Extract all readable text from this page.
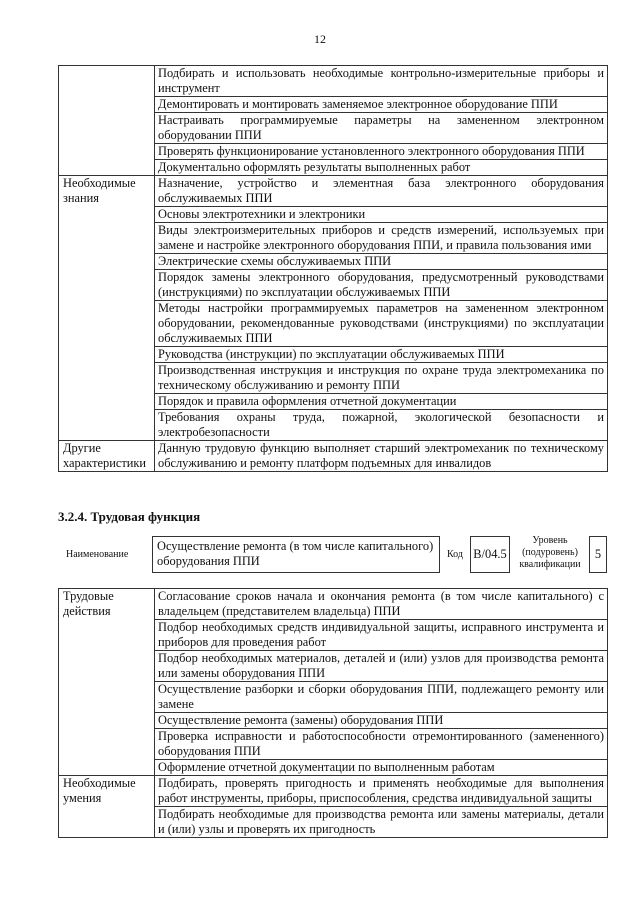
12
	Подбирать и использовать необходимые контрольно-измерительные приборы и инструмент
	Демонтировать и монтировать заменяемое электронное оборудование ППИ
	Настраивать программируемые параметры на замененном электронном оборудовании ППИ
	Проверять функционирование установленного электронного оборудования ППИ
	Документально оформлять результаты выполненных работ
Необходимые знания	Назначение, устройство и элементная база электронного оборудования обслуживаемых ППИ
	Основы электротехники и электроники
	Виды электроизмерительных приборов и средств измерений, используемых при замене и настройке электронного оборудования ППИ, и правила пользования ими
	Электрические схемы обслуживаемых ППИ
	Порядок замены электронного оборудования, предусмотренный руководствами (инструкциями) по эксплуатации обслуживаемых ППИ
	Методы настройки программируемых параметров на замененном электронном оборудовании, рекомендованные руководствами (инструкциями) по эксплуатации обслуживаемых ППИ
	Руководства (инструкции) по эксплуатации обслуживаемых ППИ
	Производственная инструкция и инструкция по охране труда электромеханика по техническому обслуживанию и ремонту ППИ
	Порядок и правила оформления отчетной документации
	Требования охраны труда, пожарной, экологической безопасности и электробезопасности
Другие характеристики	Данную трудовую функцию выполняет старший электромеханик по техническому обслуживанию и ремонту платформ подъемных для инвалидов
3.2.4. Трудовая функция
Наименование
Осуществление ремонта (в том числе капитального) оборудования ППИ	Код B/04.5
Уровень (подуровень) квалификации
5
Трудовые действия	Согласование сроков начала и окончания ремонта (в том числе капитального) с владельцем (представителем владельца) ППИ
	Подбор необходимых средств индивидуальной защиты, исправного инструмента и приборов для проведения работ
	Подбор необходимых материалов, деталей и (или) узлов для производства ремонта или замены оборудования ППИ
	Осуществление разборки и сборки оборудования ППИ, подлежащего ремонту или замене
	Осуществление ремонта (замены) оборудования ППИ
	Проверка исправности и работоспособности отремонтированного (замененного) оборудования ППИ
	Оформление отчетной документации по выполненным работам
Необходимые умения	Подбирать, проверять пригодность и применять необходимые для выполнения работ инструменты, приборы, приспособления, средства индивидуальной защиты
	Подбирать необходимые для производства ремонта или замены материалы, детали и (или) узлы и проверять их пригодность
